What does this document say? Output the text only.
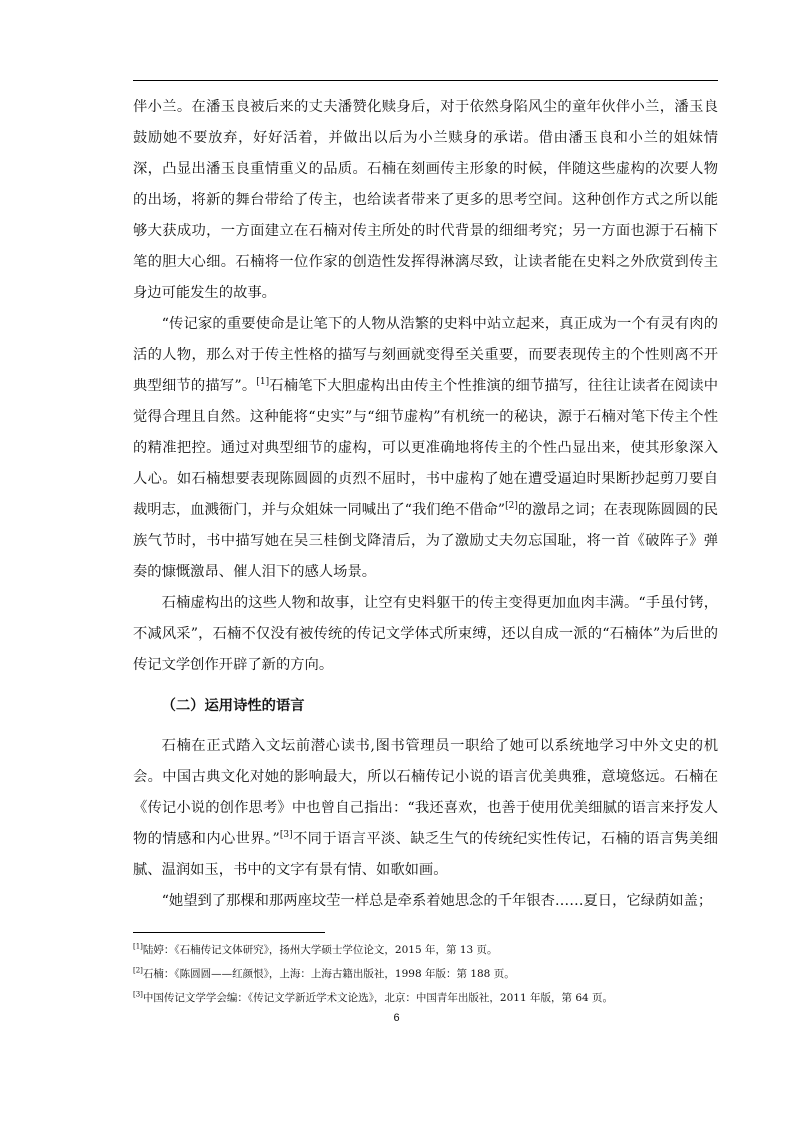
伴小兰。在潘玉良被后来的丈夫潘赞化赎身后，对于依然身陷风尘的童年伙伴小兰，潘玉良鼓励她不要放弃，好好活着，并做出以后为小兰赎身的承诺。借由潘玉良和小兰的姐妹情深，凸显出潘玉良重情重义的品质。石楠在刻画传主形象的时候，伴随这些虚构的次要人物的出场，将新的舞台带给了传主，也给读者带来了更多的思考空间。这种创作方式之所以能够大获成功，一方面建立在石楠对传主所处的时代背景的细细考究；另一方面也源于石楠下笔的胆大心细。石楠将一位作家的创造性发挥得淋漓尽致，让读者能在史料之外欣赏到传主身边可能发生的故事。

“传记家的重要使命是让笔下的人物从浩繁的史料中站立起来，真正成为一个有灵有肉的活的人物，那么对于传主性格的描写与刻画就变得至关重要，而要表现传主的个性则离不开典型细节的描写”。[1]石楠笔下大胆虚构出由传主个性推演的细节描写，往往让读者在阅读中觉得合理且自然。这种能将“史实”与“细节虚构”有机统一的秘诀，源于石楠对笔下传主个性的精准把控。通过对典型细节的虚构，可以更准确地将传主的个性凸显出来，使其形象深入人心。如石楠想要表现陈圆圆的贞烈不屈时，书中虚构了她在遭受逼迫时果断抄起剪刀要自裁明志，血溅衙门，并与众姐妹一同喊出了“我们绝不借命”[2]的激昂之词；在表现陈圆圆的民族气节时，书中描写她在吴三桂倒戈降清后，为了激励丈夫勿忘国耻，将一首《破阵子》弹奏的慷慨激昂、催人泪下的感人场景。

石楠虚构出的这些人物和故事，让空有史料躯干的传主变得更加血肉丰满。“手虽付铐，不减风采”，石楠不仅没有被传统的传记文学体式所束缚，还以自成一派的“石楠体”为后世的传记文学创作开辟了新的方向。

（二）运用诗性的语言

石楠在正式踏入文坛前潜心读书,图书管理员一职给了她可以系统地学习中外文史的机会。中国古典文化对她的影响最大，所以石楠传记小说的语言优美典雅，意境悠远。石楠在《传记小说的创作思考》中也曾自己指出：“我还喜欢，也善于使用优美细腻的语言来抒发人物的情感和内心世界。”[3]不同于语言平淡、缺乏生气的传统纪实性传记，石楠的语言隽美细腻、温润如玉，书中的文字有景有情、如歌如画。

“她望到了那棵和那两座坟茔一样总是牵系着她思念的千年银杏……夏日，它绿荫如盖；

[1]陆婷：《石楠传记文体研究》，扬州大学硕士学位论文，2015 年，第 13 页。

[2]石楠：《陈圆圆——红颜恨》，上海：上海古籍出版社，1998 年版：第 188 页。

[3]中国传记文学学会编：《传记文学新近学术文论选》，北京：中国青年出版社，2011 年版，第 64 页。

6
